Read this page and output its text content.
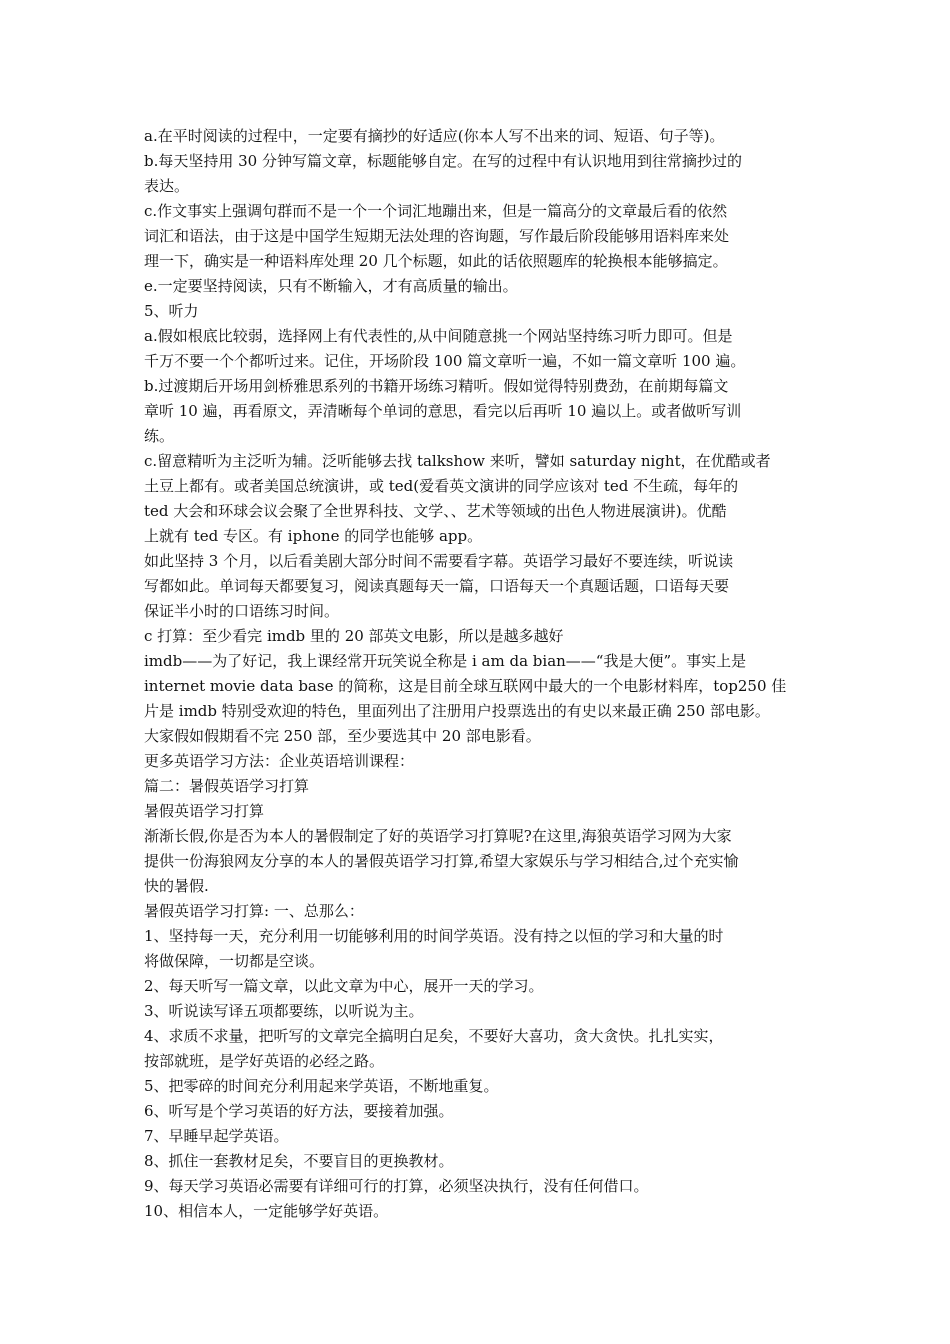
a.在平时阅读的过程中，一定要有摘抄的好适应(你本人写不出来的词、短语、句子等)。
b.每天坚持用 30 分钟写篇文章，标题能够自定。在写的过程中有认识地用到往常摘抄过的
表达。
c.作文事实上强调句群而不是一个一个词汇地蹦出来，但是一篇高分的文章最后看的依然
词汇和语法，由于这是中国学生短期无法处理的咨询题，写作最后阶段能够用语料库来处
理一下，确实是一种语料库处理 20 几个标题，如此的话依照题库的轮换根本能够搞定。
e.一定要坚持阅读，只有不断输入，才有高质量的输出。
5、听力
a.假如根底比较弱，选择网上有代表性的,从中间随意挑一个网站坚持练习听力即可。但是
千万不要一个个都听过来。记住，开场阶段 100 篇文章听一遍，不如一篇文章听 100 遍。
b.过渡期后开场用剑桥雅思系列的书籍开场练习精听。假如觉得特别费劲，在前期每篇文
章听 10 遍，再看原文，弄清晰每个单词的意思，看完以后再听 10 遍以上。或者做听写训
练。
c.留意精听为主泛听为辅。泛听能够去找 talkshow 来听，譬如 saturday night，在优酷或者
土豆上都有。或者美国总统演讲，或 ted(爱看英文演讲的同学应该对 ted 不生疏，每年的
ted 大会和环球会议会聚了全世界科技、文学、、艺术等领域的出色人物进展演讲)。优酷
上就有 ted 专区。有 iphone 的同学也能够 app。
如此坚持 3 个月，以后看美剧大部分时间不需要看字幕。英语学习最好不要连续，听说读
写都如此。单词每天都要复习，阅读真题每天一篇，口语每天一个真题话题，口语每天要
保证半小时的口语练习时间。
c 打算：至少看完 imdb 里的 20 部英文电影，所以是越多越好
imdb——为了好记，我上课经常开玩笑说全称是 i am da bian——“我是大便”。事实上是
internet movie data base 的简称，这是目前全球互联网中最大的一个电影材料库，top250 佳
片是 imdb 特别受欢迎的特色，里面列出了注册用户投票选出的有史以来最正确 250 部电影。
大家假如假期看不完 250 部，至少要选其中 20 部电影看。
更多英语学习方法：企业英语培训课程：
篇二：暑假英语学习打算
暑假英语学习打算
渐渐长假,你是否为本人的暑假制定了好的英语学习打算呢?在这里,海狼英语学习网为大家
提供一份海狼网友分享的本人的暑假英语学习打算,希望大家娱乐与学习相结合,过个充实愉
快的暑假.
暑假英语学习打算: 一、总那么：
1、坚持每一天，充分利用一切能够利用的时间学英语。没有持之以恒的学习和大量的时
将做保障，一切都是空谈。
2、每天听写一篇文章，以此文章为中心，展开一天的学习。
3、听说读写译五项都要练，以听说为主。
4、求质不求量，把听写的文章完全搞明白足矣，不要好大喜功，贪大贪快。扎扎实实，
按部就班，是学好英语的必经之路。
5、把零碎的时间充分利用起来学英语，不断地重复。
6、听写是个学习英语的好方法，要接着加强。
7、早睡早起学英语。
8、抓住一套教材足矣，不要盲目的更换教材。
9、每天学习英语必需要有详细可行的打算，必须坚决执行，没有任何借口。
10、相信本人，一定能够学好英语。
